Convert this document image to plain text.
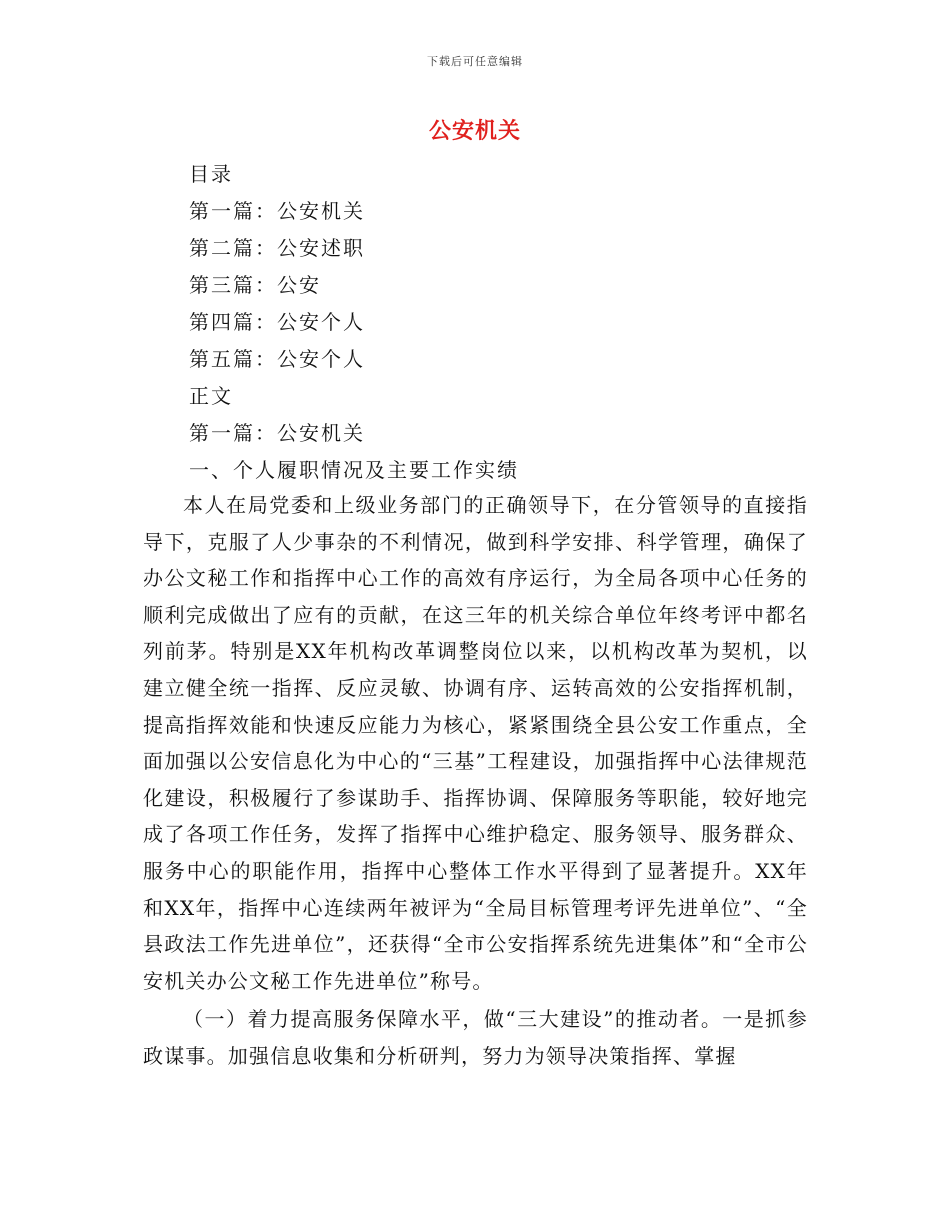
下载后可任意编辑
公安机关
目录
第一篇：公安机关
第二篇：公安述职
第三篇：公安
第四篇：公安个人
第五篇：公安个人
正文
第一篇：公安机关
一、个人履职情况及主要工作实绩

本人在局党委和上级业务部门的正确领导下，在分管领导的直接指导下，克服了人少事杂的不利情况，做到科学安排、科学管理，确保了办公文秘工作和指挥中心工作的高效有序运行，为全局各项中心任务的顺利完成做出了应有的贡献，在这三年的机关综合单位年终考评中都名列前茅。特别是XX年机构改革调整岗位以来，以机构改革为契机，以建立健全统一指挥、反应灵敏、协调有序、运转高效的公安指挥机制，提高指挥效能和快速反应能力为核心，紧紧围绕全县公安工作重点，全面加强以公安信息化为中心的“三基”工程建设，加强指挥中心法律规范化建设，积极履行了参谋助手、指挥协调、保障服务等职能，较好地完成了各项工作任务，发挥了指挥中心维护稳定、服务领导、服务群众、服务中心的职能作用，指挥中心整体工作水平得到了显著提升。XX年和XX年，指挥中心连续两年被评为“全局目标管理考评先进单位”、“全县政法工作先进单位”，还获得“全市公安指挥系统先进集体”和“全市公安机关办公文秘工作先进单位”称号。

（一）着力提高服务保障水平，做“三大建设”的推动者。一是抓参政谋事。加强信息收集和分析研判，努力为领导决策指挥、掌握
